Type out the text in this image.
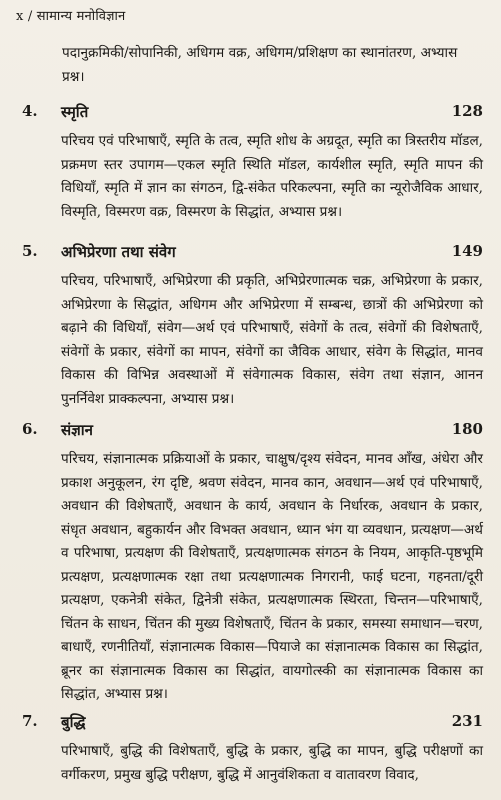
x / सामान्य मनोविज्ञान
पदानुक्रमिकी/सोपानिकी, अधिगम वक्र, अधिगम/प्रशिक्षण का स्थानांतरण, अभ्यास प्रश्न।
4. स्मृति	128
परिचय एवं परिभाषाएँ, स्मृति के तत्व, स्मृति शोध के अग्रदूत, स्मृति का त्रिस्तरीय मॉडल, प्रक्रमण स्तर उपागम—एकल स्मृति स्थिति मॉडल, कार्यशील स्मृति, स्मृति मापन की विधियाँ, स्मृति में ज्ञान का संगठन, द्वि-संकेत परिकल्पना, स्मृति का न्यूरोजैविक आधार, विस्मृति, विस्मरण वक्र, विस्मरण के सिद्धांत, अभ्यास प्रश्न।
5. अभिप्रेरणा तथा संवेग	149
परिचय, परिभाषाएँ, अभिप्रेरणा की प्रकृति, अभिप्रेरणात्मक चक्र, अभिप्रेरणा के प्रकार, अभिप्रेरणा के सिद्धांत, अधिगम और अभिप्रेरणा में सम्बन्ध, छात्रों की अभिप्रेरणा को बढ़ाने की विधियाँ, संवेग—अर्थ एवं परिभाषाएँ, संवेगों के तत्व, संवेगों की विशेषताएँ, संवेगों के प्रकार, संवेगों का मापन, संवेगों का जैविक आधार, संवेग के सिद्धांत, मानव विकास की विभिन्न अवस्थाओं में संवेगात्मक विकास, संवेग तथा संज्ञान, आनन पुनर्निवेश प्राक्कल्पना, अभ्यास प्रश्न।
6. संज्ञान	180
परिचय, संज्ञानात्मक प्रक्रियाओं के प्रकार, चाक्षुष/दृश्य संवेदन, मानव आँख, अंधेरा और प्रकाश अनुकूलन, रंग दृष्टि, श्रवण संवेदन, मानव कान, अवधान—अर्थ एवं परिभाषाएँ, अवधान की विशेषताएँ, अवधान के कार्य, अवधान के निर्धारक, अवधान के प्रकार, संधृत अवधान, बहुकार्यन और विभक्त अवधान, ध्यान भंग या व्यवधान, प्रत्यक्षण—अर्थ व परिभाषा, प्रत्यक्षण की विशेषताएँ, प्रत्यक्षणात्मक संगठन के नियम, आकृति-पृष्ठभूमि प्रत्यक्षण, प्रत्यक्षणात्मक रक्षा तथा प्रत्यक्षणात्मक निगरानी, फाई घटना, गहनता/दूरी प्रत्यक्षण, एकनेत्री संकेत, द्विनेत्री संकेत, प्रत्यक्षणात्मक स्थिरता, चिन्तन—परिभाषाएँ, चिंतन के साधन, चिंतन की मुख्य विशेषताएँ, चिंतन के प्रकार, समस्या समाधान—चरण, बाधाएँ, रणनीतियाँ, संज्ञानात्मक विकास—पियाजे का संज्ञानात्मक विकास का सिद्धांत, ब्रूनर का संज्ञानात्मक विकास का सिद्धांत, वायगोत्स्की का संज्ञानात्मक विकास का सिद्धांत, अभ्यास प्रश्न।
7. बुद्धि	231
परिभाषाएँ, बुद्धि की विशेषताएँ, बुद्धि के प्रकार, बुद्धि का मापन, बुद्धि परीक्षणों का वर्गीकरण, प्रमुख बुद्धि परीक्षण, बुद्धि में आनुवंशिकता व वातावरण विवाद,
